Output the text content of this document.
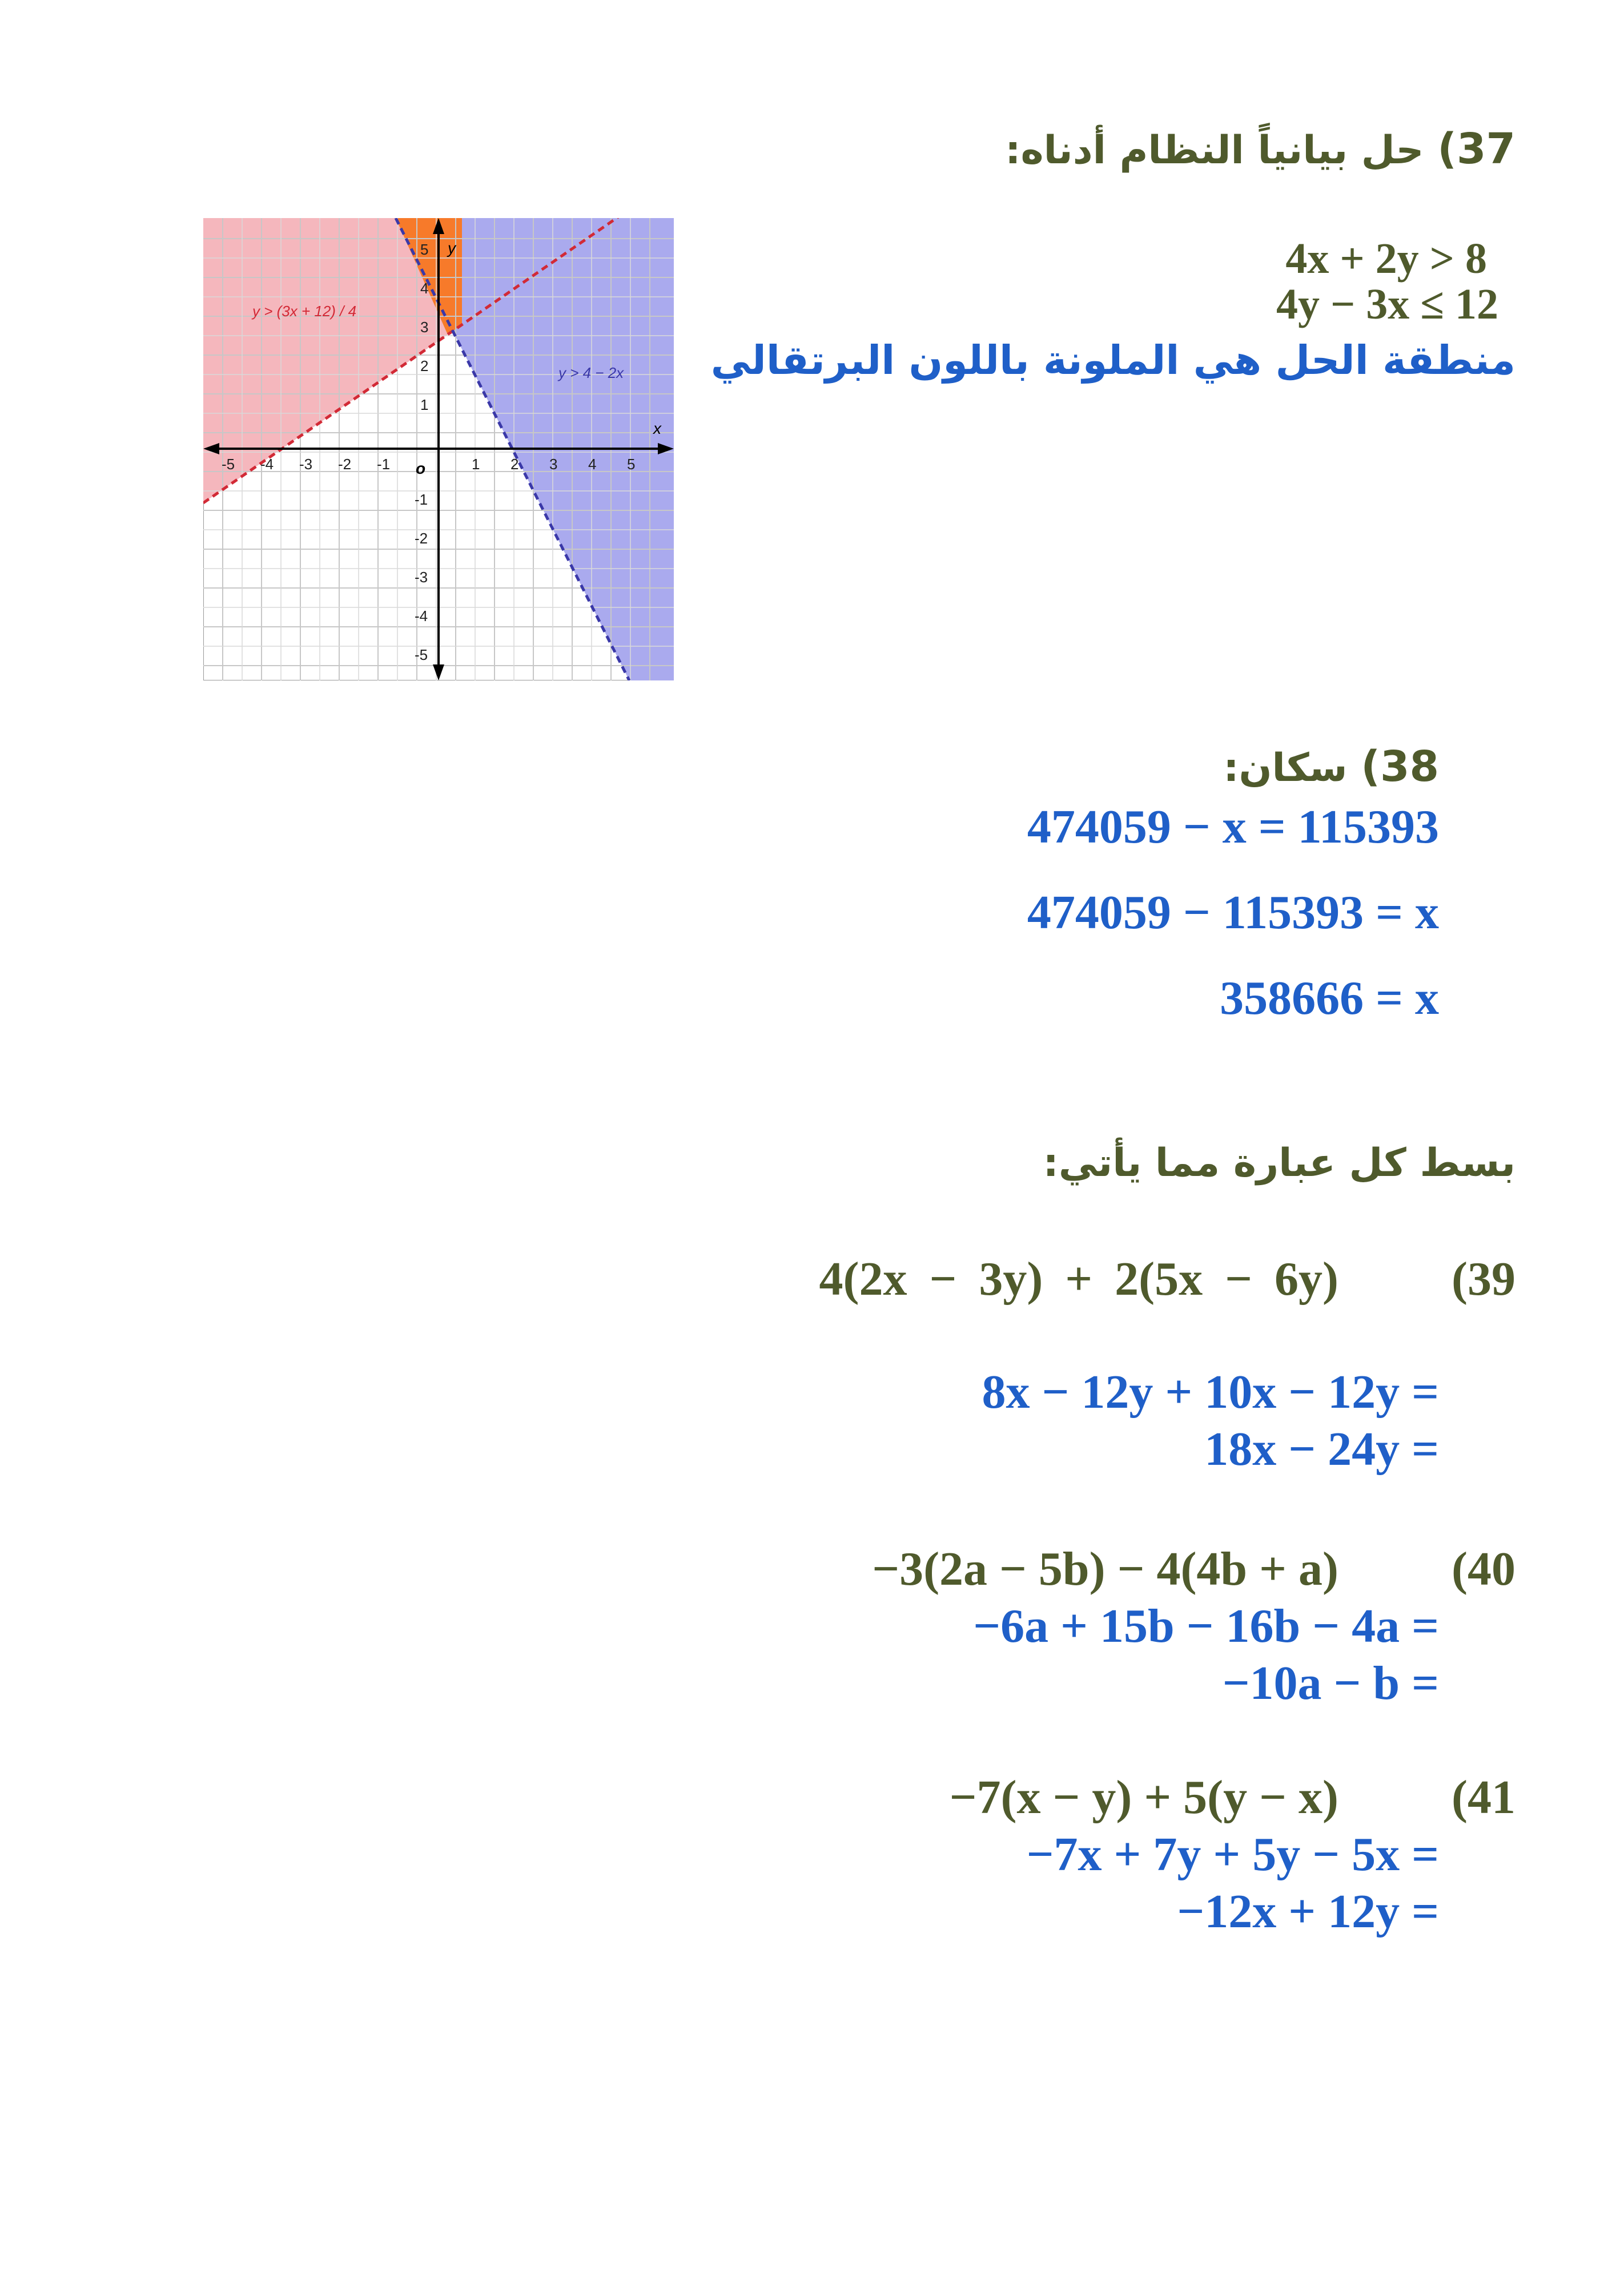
37) حل بيانياً النظام أدناه:
4x + 2y > 8
4y − 3x ≤ 12
منطقة الحل هي الملونة باللون البرتقالي
x
y
o
-5 -4 -3 -2 -1	1 2 3 4 5
5
4
3
2
1
-1
-2
-3
-4
-5
y > (3x + 12) / 4
y > 4 − 2x
38) سكان:
474059 − x = 115393
474059 − 115393 = x
358666 = x
بسط كل عبارة مما يأتي:
(39
4(2x − 3y) + 2(5x − 6y)
8x − 12y + 10x − 12y =
18x − 24y =
(40
−3(2a − 5b) − 4(4b + a)
−6a + 15b − 16b − 4a =
−10a − b =
(41
−7(x − y) + 5(y − x)
−7x + 7y + 5y − 5x =
−12x + 12y =
